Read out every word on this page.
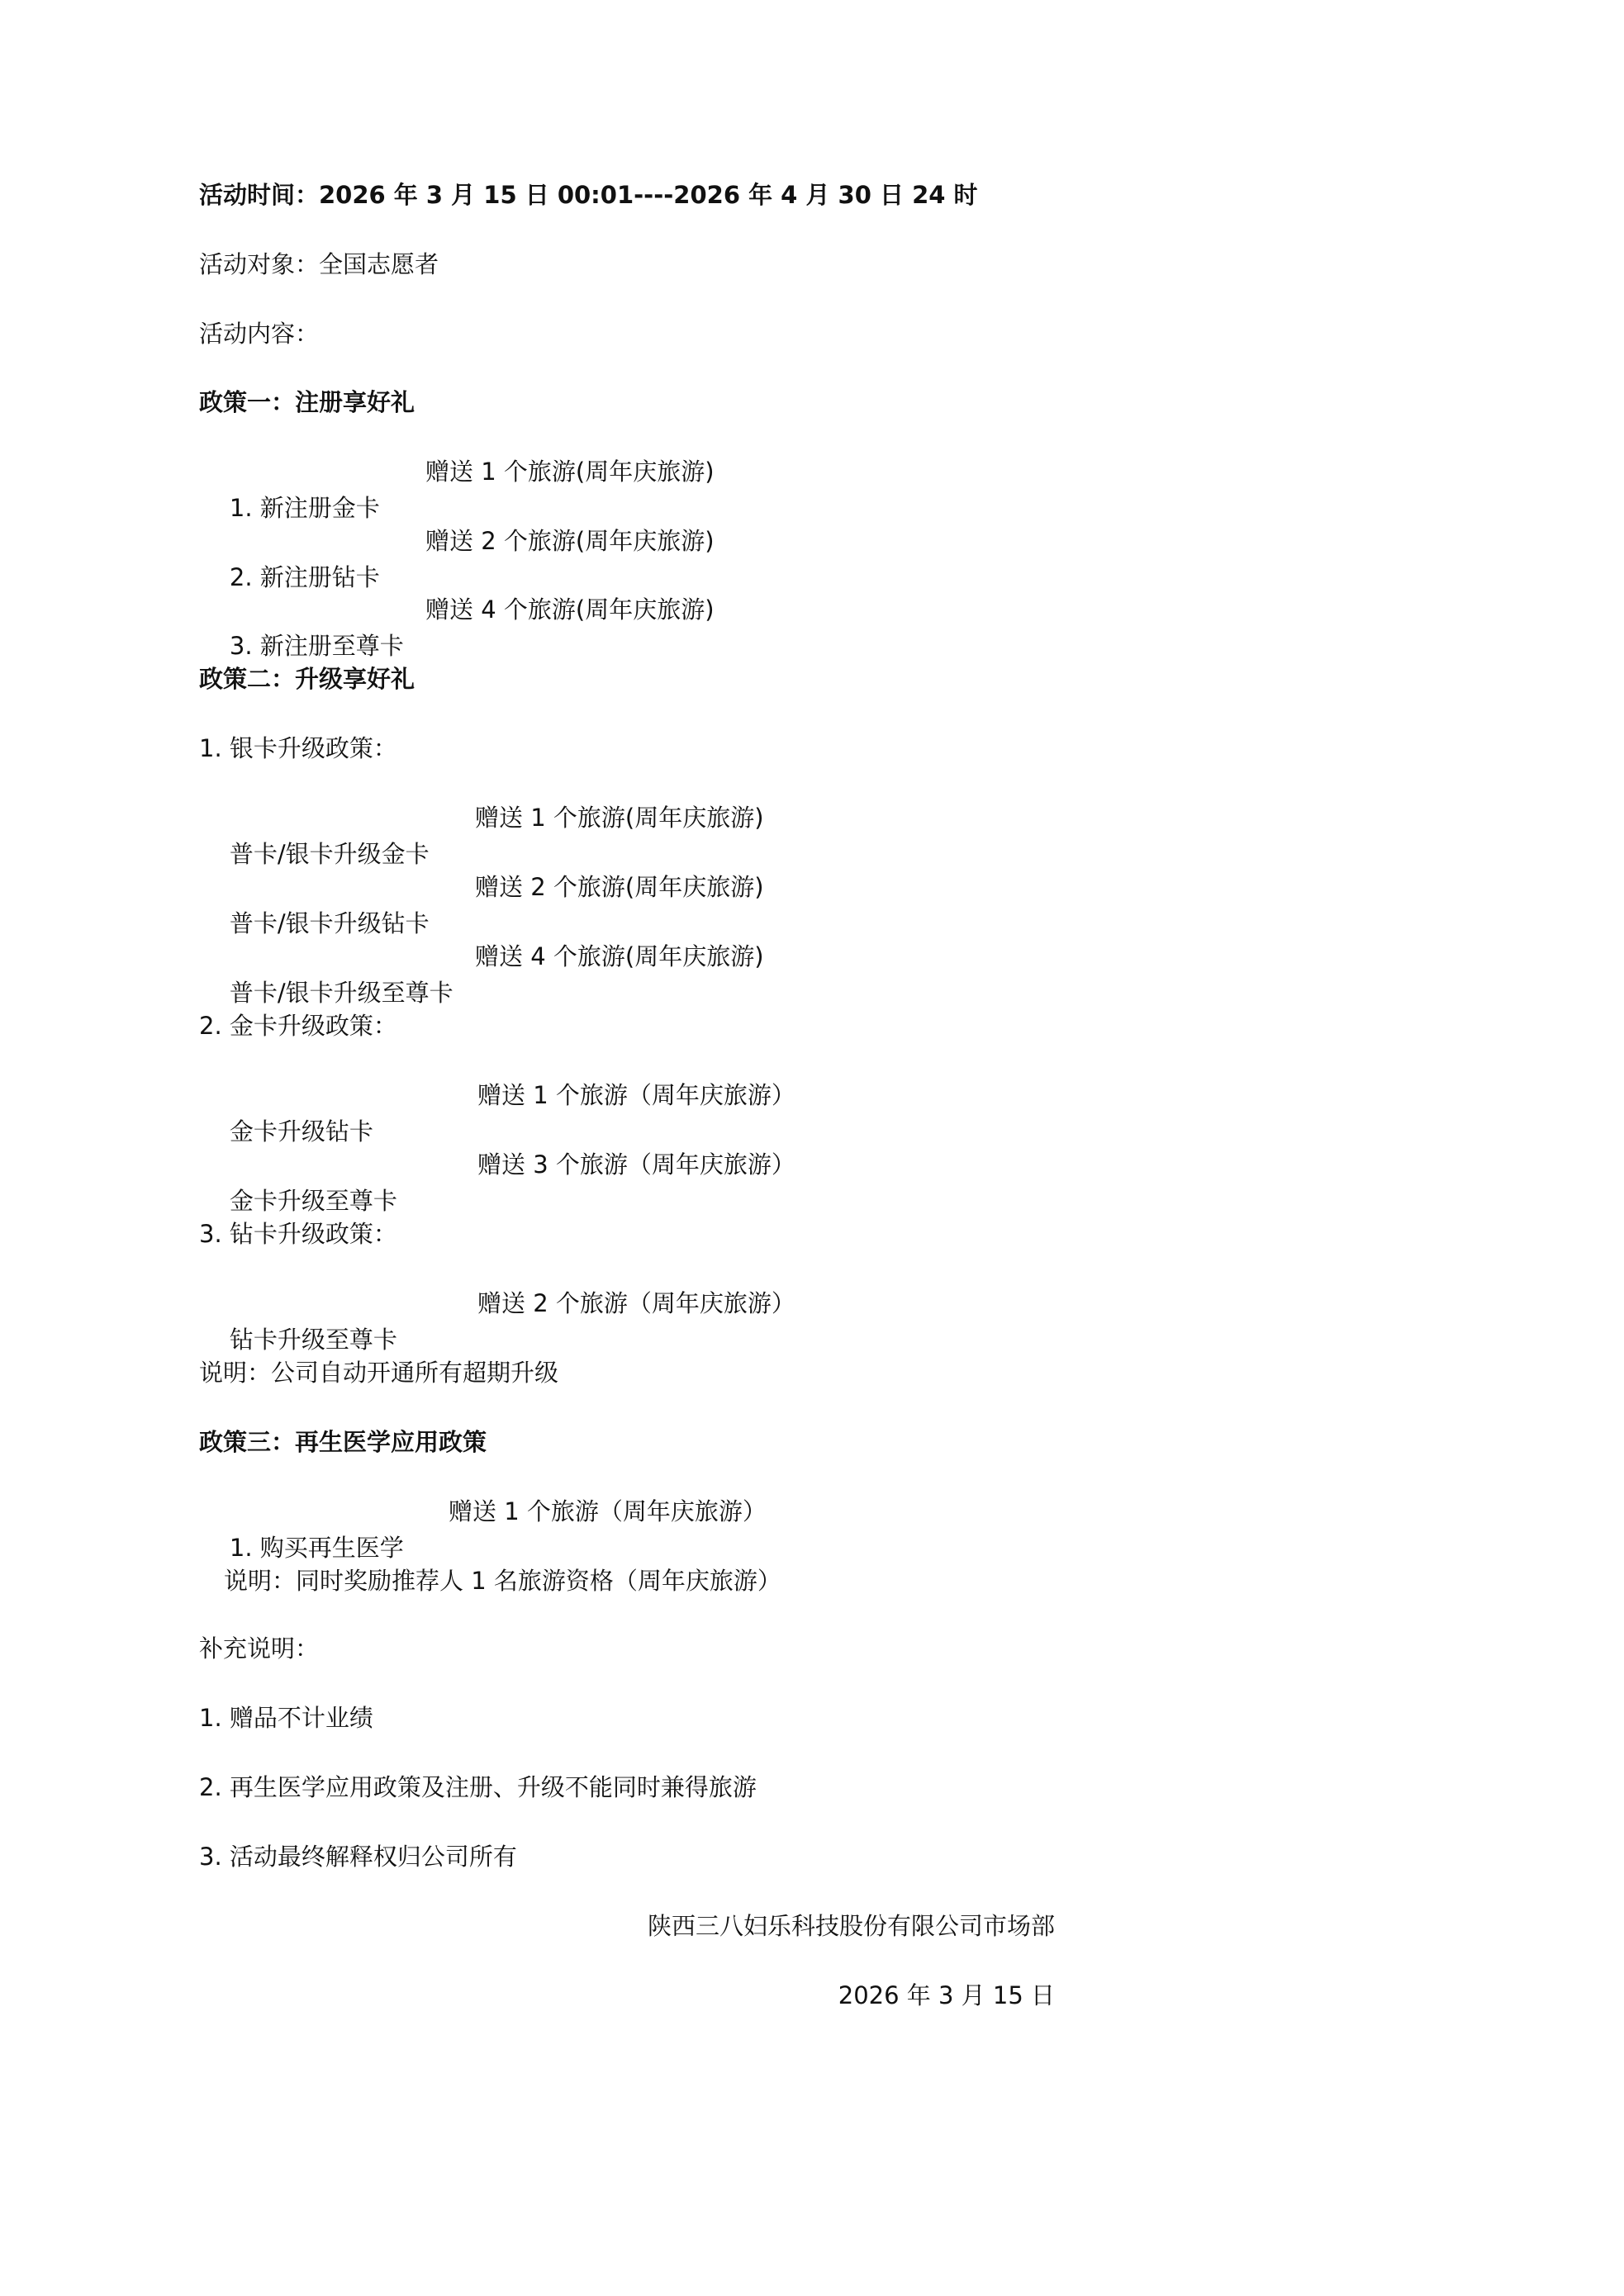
活动时间：2026 年 3 月 15 日 00:01----2026 年 4 月 30 日 24 时
活动对象：全国志愿者
活动内容：
政策一：注册享好礼

1. 新注册金卡

赠送 1 个旅游(周年庆旅游)

2. 新注册钻卡

赠送 2 个旅游(周年庆旅游)

3. 新注册至尊卡

赠送 4 个旅游(周年庆旅游)

政策二：升级享好礼
1. 银卡升级政策：

普卡/银卡升级金卡

赠送 1 个旅游(周年庆旅游)

普卡/银卡升级钻卡

赠送 2 个旅游(周年庆旅游)

普卡/银卡升级至尊卡

赠送 4 个旅游(周年庆旅游)

2. 金卡升级政策：

金卡升级钻卡

赠送 1 个旅游（周年庆旅游）

金卡升级至尊卡

赠送 3 个旅游（周年庆旅游）

3. 钻卡升级政策：

钻卡升级至尊卡

赠送 2 个旅游（周年庆旅游）

说明：公司自动开通所有超期升级
政策三：再生医学应用政策

1. 购买再生医学

赠送 1 个旅游（周年庆旅游）

说明：同时奖励推荐人 1 名旅游资格（周年庆旅游）
补充说明：
1. 赠品不计业绩
2. 再生医学应用政策及注册、升级不能同时兼得旅游
3. 活动最终解释权归公司所有
陕西三八妇乐科技股份有限公司市场部
2026 年 3 月 15 日
